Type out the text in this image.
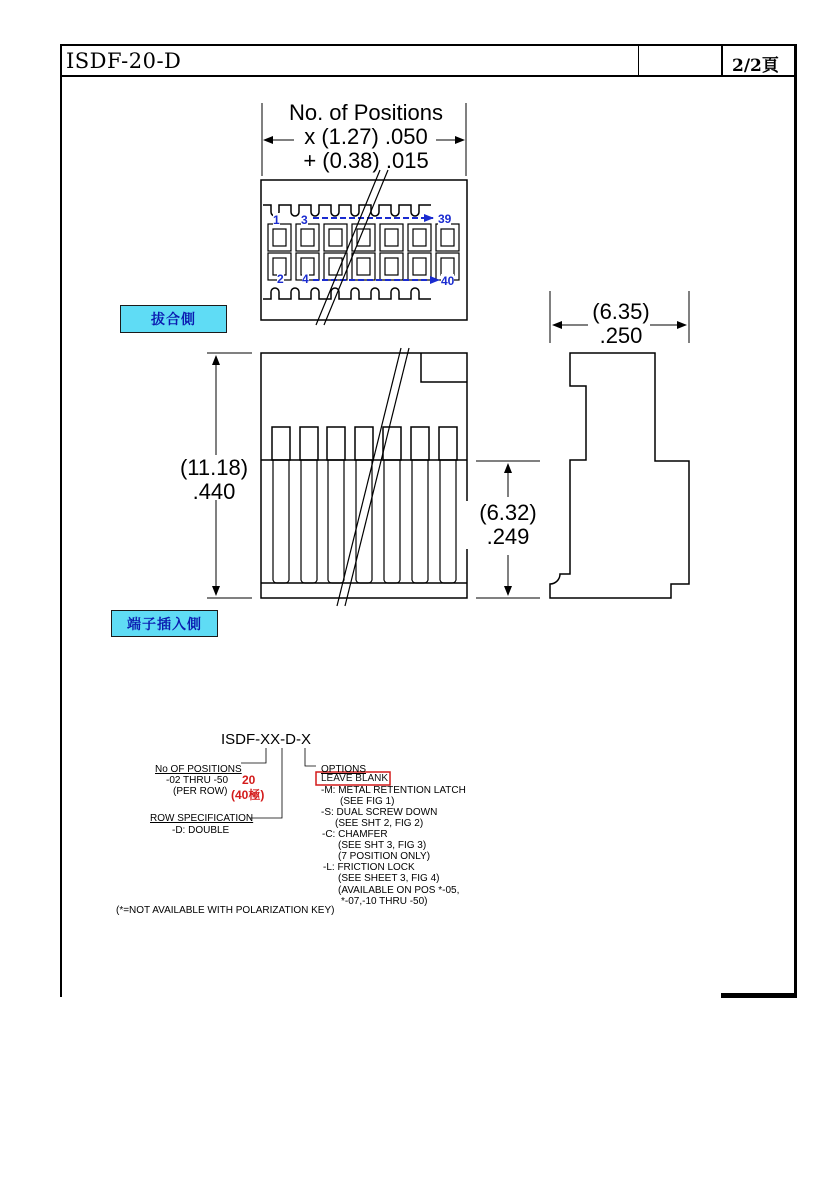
ISDF-20-D	2/2頁
No. of Positions
x (1.27) .050
+ (0.38) .015
(11.18)
.440
(6.35)
.250
(6.32)
.249
1 3	39
2 4	40
拔合側
端子插入側
ISDF-XX-D-X
No OF POSITIONS
-02 THRU -50
(PER ROW)
20
(40極)
ROW SPECIFICATION
-D: DOUBLE
OPTIONS
LEAVE BLANK
-M: METAL RETENTION LATCH
(SEE FIG 1)
-S: DUAL SCREW DOWN
(SEE SHT 2, FIG 2)
-C: CHAMFER
(SEE SHT 3, FIG 3)
(7 POSITION ONLY)
-L: FRICTION LOCK
(SEE SHEET 3, FIG 4)
(AVAILABLE ON POS *-05,
*-07,-10 THRU -50)
(*=NOT AVAILABLE WITH POLARIZATION KEY)
